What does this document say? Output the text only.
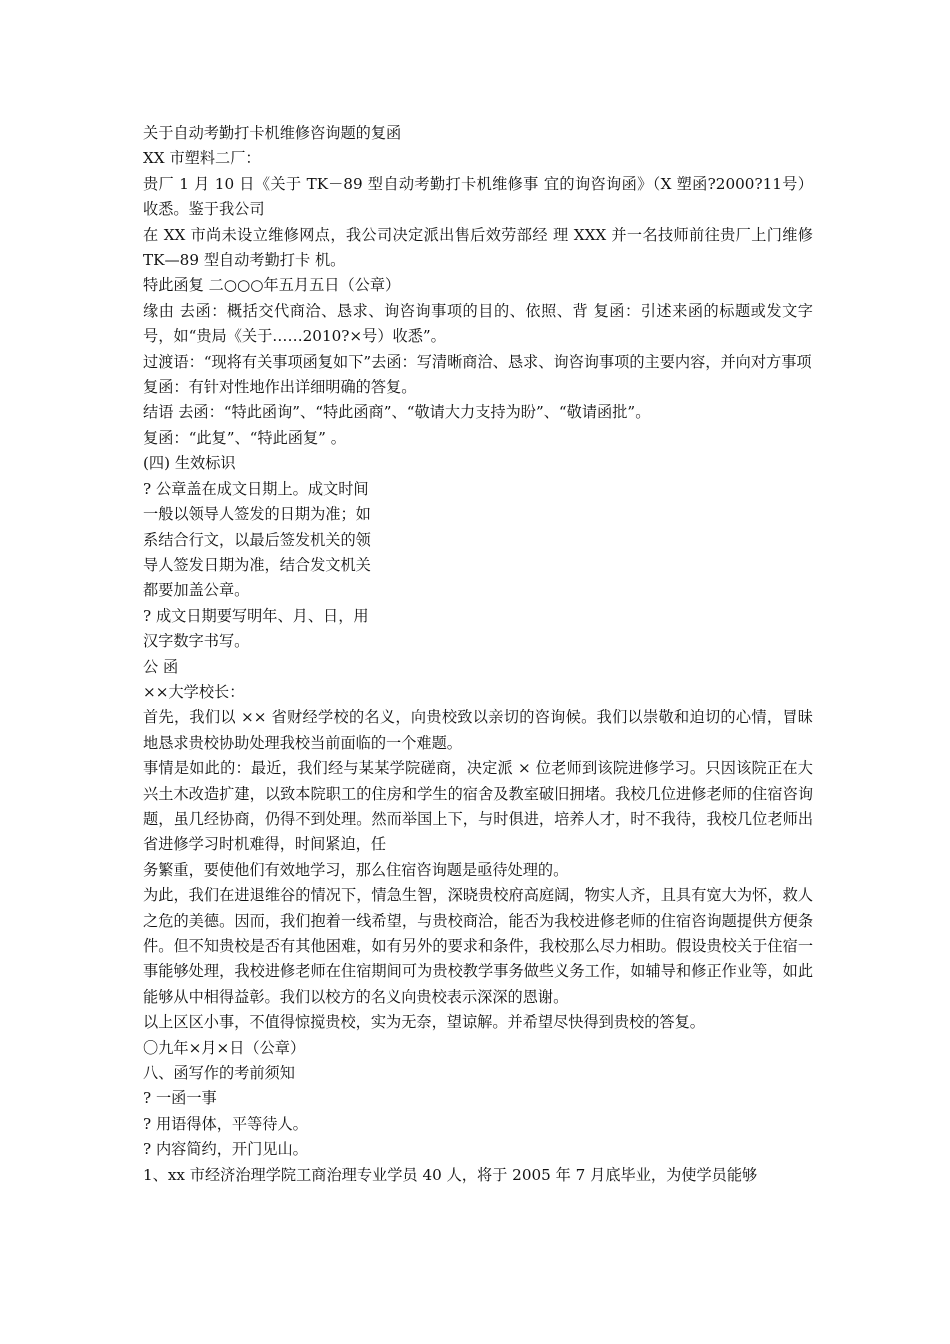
关于自动考勤打卡机维修咨询题的复函
XX 市塑料二厂：
贵厂 1 月 10 日《关于 TK－89 型自动考勤打卡机维修事 宜的询咨询函》（X 塑函?2000?11号）收悉。鉴于我公司
在 XX 市尚未设立维修网点，我公司决定派出售后效劳部经 理 XXX 并一名技师前往贵厂上门维修 TK—89 型自动考勤打卡 机。
特此函复 二○○○年五月五日（公章）
缘由 去函：概括交代商洽、恳求、询咨询事项的目的、依照、背 复函：引述来函的标题或发文字号，如“贵局《关于……2010?×号）收悉”。
过渡语：“现将有关事项函复如下”去函：写清晰商洽、恳求、询咨询事项的主要内容，并向对方事项
复函：有针对性地作出详细明确的答复。
结语 去函：“特此函询”、“特此函商”、“敬请大力支持为盼”、“敬请函批”。
复函：“此复”、“特此函复” 。
(四) 生效标识
? 公章盖在成文日期上。成文时间
一般以领导人签发的日期为准；如
系结合行文，以最后签发机关的领
导人签发日期为准，结合发文机关
都要加盖公章。
? 成文日期要写明年、月、日，用
汉字数字书写。
公 函
××大学校长：
首先，我们以 ×× 省财经学校的名义，向贵校致以亲切的咨询候。我们以崇敬和迫切的心情，冒昧地恳求贵校协助处理我校当前面临的一个难题。
事情是如此的：最近，我们经与某某学院磋商，决定派 × 位老师到该院进修学习。只因该院正在大兴土木改造扩建，以致本院职工的住房和学生的宿舍及教室破旧拥堵。我校几位进修老师的住宿咨询题，虽几经协商，仍得不到处理。然而举国上下，与时俱进，培养人才，时不我待，我校几位老师出省进修学习时机难得，时间紧迫，任
务繁重，要使他们有效地学习，那么住宿咨询题是亟待处理的。
为此，我们在进退维谷的情况下，情急生智，深晓贵校府高庭阔，物实人齐，且具有宽大为怀，救人之危的美德。因而，我们抱着一线希望，与贵校商洽，能否为我校进修老师的住宿咨询题提供方便条件。但不知贵校是否有其他困难，如有另外的要求和条件，我校那么尽力相助。假设贵校关于住宿一事能够处理，我校进修老师在住宿期间可为贵校教学事务做些义务工作，如辅导和修正作业等，如此能够从中相得益彰。我们以校方的名义向贵校表示深深的恩谢。
以上区区小事，不值得惊搅贵校，实为无奈，望谅解。并希望尽快得到贵校的答复。
〇九年×月×日（公章）
八、函写作的考前须知
? 一函一事
? 用语得体，平等待人。
? 内容简约，开门见山。
1、xx 市经济治理学院工商治理专业学员 40 人，将于 2005 年 7 月底毕业，为使学员能够
